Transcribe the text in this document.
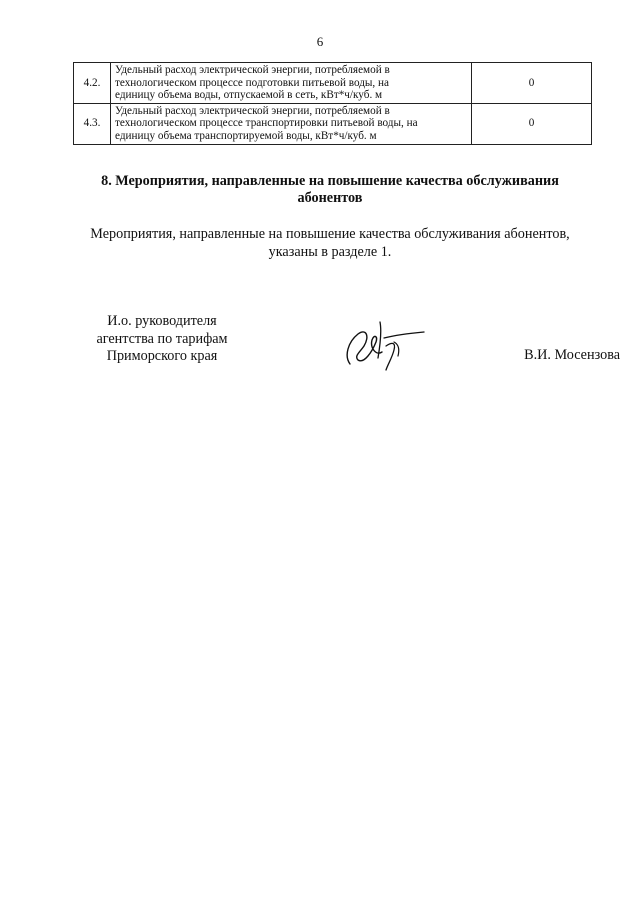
6
4.2.	Удельный расход электрической энергии, потребляемой в
технологическом процессе подготовки питьевой воды, на
единицу объема воды, отпускаемой в сеть, кВт*ч/куб. м	0
4.3.	Удельный расход электрической энергии, потребляемой в
технологическом процессе транспортировки питьевой воды, на
единицу объема транспортируемой воды, кВт*ч/куб. м	0
8. Мероприятия, направленные на повышение качества обслуживания
абонентов
Мероприятия, направленные на повышение качества обслуживания абонентов,
указаны в разделе 1.
И.о. руководителя
агентства по тарифам
Приморского края	В.И. Мосензова
